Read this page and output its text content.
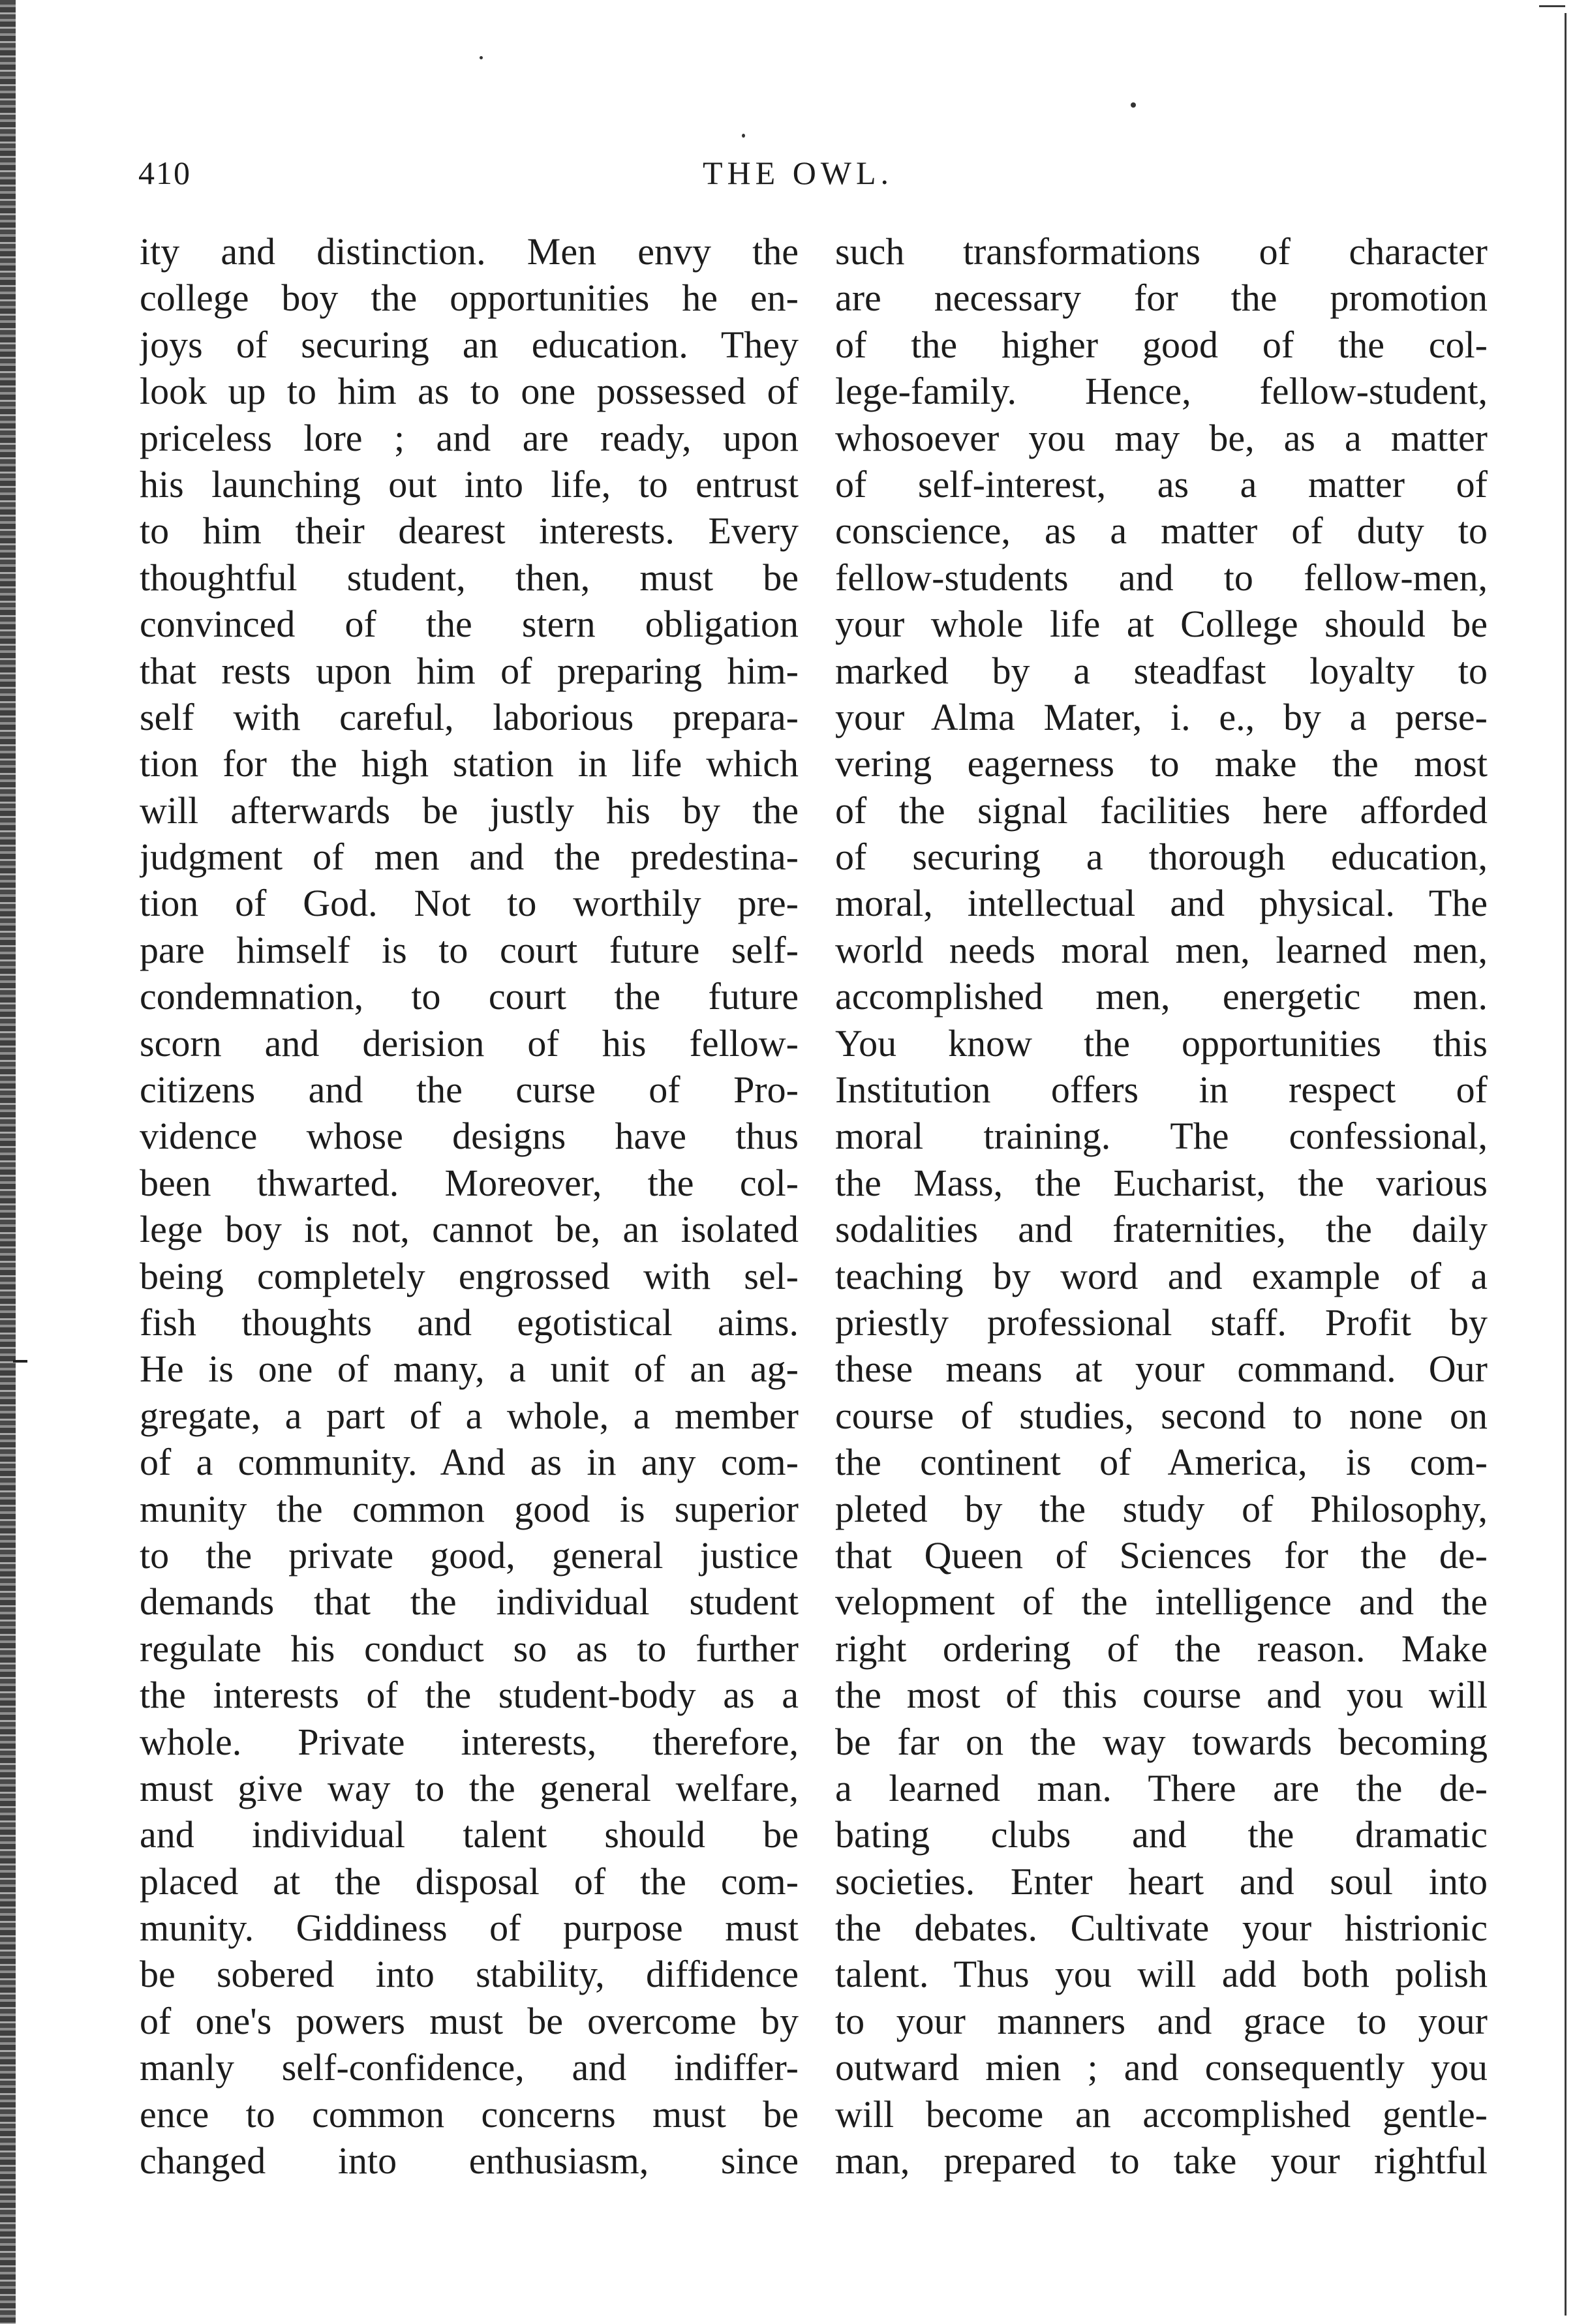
410	THE OWL.
ity and distinction. Men envy the
college boy the opportunities he en-
joys of securing an education. They
look up to him as to one possessed of
priceless lore ; and are ready, upon
his launching out into life, to entrust
to him their dearest interests. Every
thoughtful student, then, must be
convinced of the stern obligation
that rests upon him of preparing him-
self with careful, laborious prepara-
tion for the high station in life which
will afterwards be justly his by the
judgment of men and the predestina-
tion of God. Not to worthily pre-
pare himself is to court future self-
condemnation, to court the future
scorn and derision of his fellow-
citizens and the curse of Pro-
vidence whose designs have thus
been thwarted. Moreover, the col-
lege boy is not, cannot be, an isolated
being completely engrossed with sel-
fish thoughts and egotistical aims.
He is one of many, a unit of an ag-
gregate, a part of a whole, a member
of a community. And as in any com-
munity the common good is superior
to the private good, general justice
demands that the individual student
regulate his conduct so as to further
the interests of the student-body as a
whole. Private interests, therefore,
must give way to the general welfare,
and individual talent should be
placed at the disposal of the com-
munity. Giddiness of purpose must
be sobered into stability, diffidence
of one's powers must be overcome by
manly self-confidence, and indiffer-
ence to common concerns must be
changed into enthusiasm, since
such transformations of character
are necessary for the promotion
of the higher good of the col-
lege-family. Hence, fellow-student,
whosoever you may be, as a matter
of self-interest, as a matter of
conscience, as a matter of duty to
fellow-students and to fellow-men,
your whole life at College should be
marked by a steadfast loyalty to
your Alma Mater, i. e., by a perse-
vering eagerness to make the most
of the signal facilities here afforded
of securing a thorough education,
moral, intellectual and physical. The
world needs moral men, learned men,
accomplished men, energetic men.
You know the opportunities this
Institution offers in respect of
moral training. The confessional,
the Mass, the Eucharist, the various
sodalities and fraternities, the daily
teaching by word and example of a
priestly professional staff. Profit by
these means at your command. Our
course of studies, second to none on
the continent of America, is com-
pleted by the study of Philosophy,
that Queen of Sciences for the de-
velopment of the intelligence and the
right ordering of the reason. Make
the most of this course and you will
be far on the way towards becoming
a learned man. There are the de-
bating clubs and the dramatic
societies. Enter heart and soul into
the debates. Cultivate your histrionic
talent. Thus you will add both polish
to your manners and grace to your
outward mien ; and consequently you
will become an accomplished gentle-
man, prepared to take your rightful
